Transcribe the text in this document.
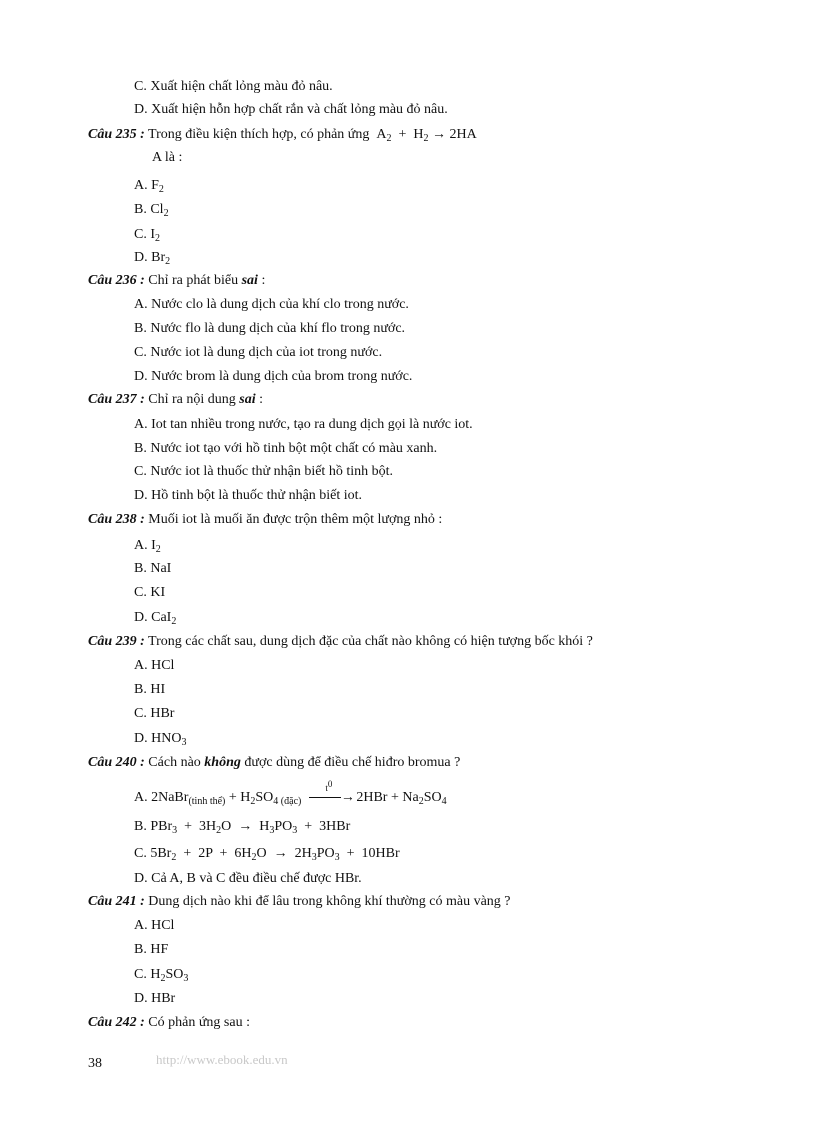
C. Xuất hiện chất lỏng màu đỏ nâu.
D. Xuất hiện hỗn hợp chất rắn và chất lỏng màu đỏ nâu.
Câu 235 : Trong điều kiện thích hợp, có phản ứng  $A_2 + H_2 \to 2HA$
A là :
A. $F_2$
B. $Cl_2$
C. $I_2$
D. $Br_2$
Câu 236 : Chỉ ra phát biểu sai :
A. Nước clo là dung dịch của khí clo trong nước.
B. Nước flo là dung dịch của khí flo trong nước.
C. Nước iot là dung dịch của iot trong nước.
D. Nước brom là dung dịch của brom trong nước.
Câu 237 : Chỉ ra nội dung sai :
A. Iot tan nhiều trong nước, tạo ra dung dịch gọi là nước iot.
B. Nước iot tạo với hồ tinh bột một chất có màu xanh.
C. Nước iot là thuốc thử nhận biết hồ tinh bột.
D. Hồ tinh bột là thuốc thử nhận biết iot.
Câu 238 : Muối iot là muối ăn được trộn thêm một lượng nhỏ :
A. $I_2$
B. NaI
C. KI
D. CaI$_2$
Câu 239 : Trong các chất sau, dung dịch đặc của chất nào không có hiện tượng bốc khói ?
A. HCl
B. HI
C. HBr
D. $HNO_3$
Câu 240 : Cách nào không được dùng để điều chế hiđro bromua ?
A. 2NaBr$_{(tinh thể)}$ + $H_2SO_4$ $_{(đặc)}$
$t^0$
→ $2HBr + Na_2SO_4$
B. $PBr_3 + 3H_2O \to H_3PO_3 + 3HBr$
C. $5Br_2 + 2P + 6H_2O \to 2H_3PO_3 + 10HBr$
D. Cả A, B và C đều điều chế được HBr.
Câu 241 : Dung dịch nào khi để lâu trong không khí thường có màu vàng ?
A. HCl
B. HF
C. $H_2SO_3$
D. HBr
Câu 242 : Có phản ứng sau :
38	http://www.ebook.edu.vn
